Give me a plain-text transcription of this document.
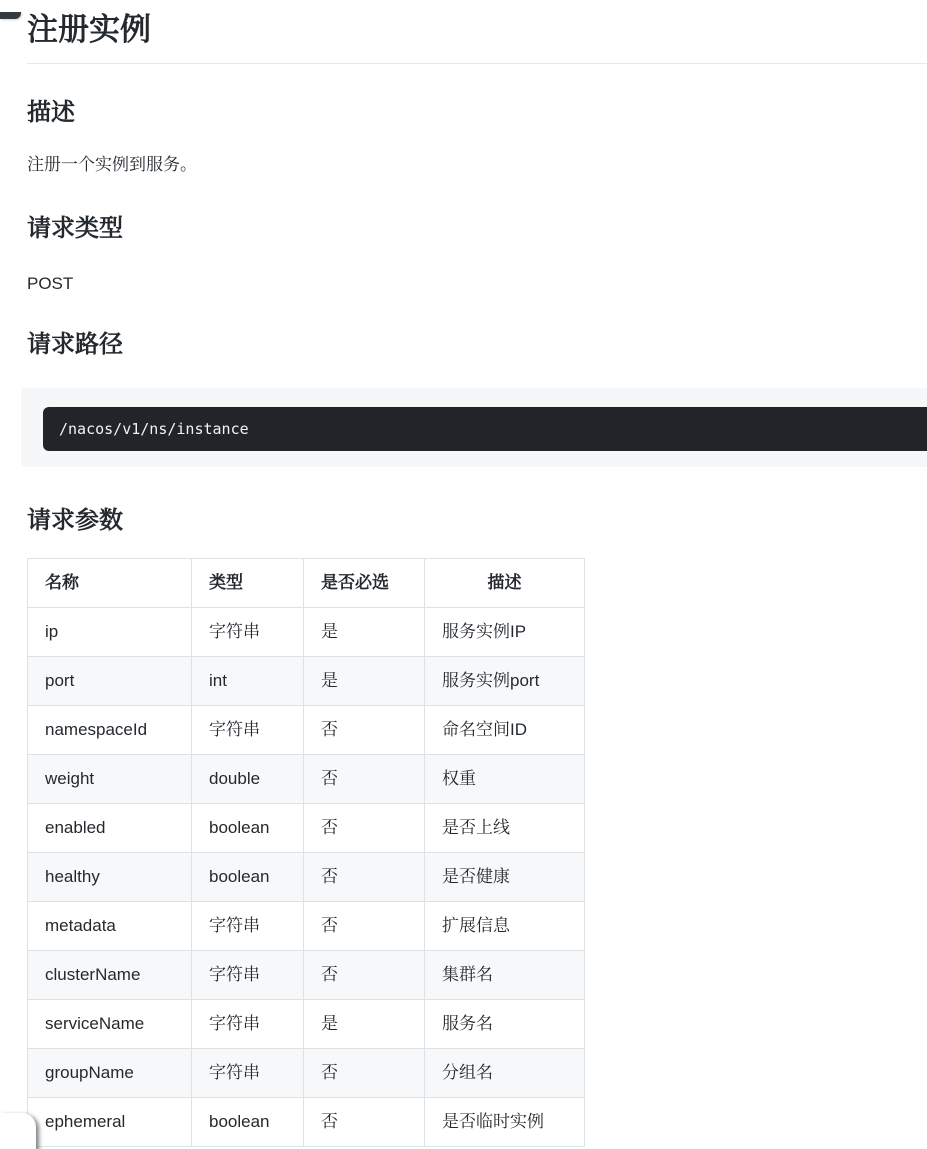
注册实例
描述

注册一个实例到服务。

请求类型

POST

请求路径
/nacos/v1/ns/instance
请求参数
名称	类型	是否必选	描述
ip	字符串	是	服务实例IP
port	int	是	服务实例port
namespaceId	字符串	否	命名空间ID
weight	double	否	权重
enabled	boolean	否	是否上线
healthy	boolean	否	是否健康
metadata	字符串	否	扩展信息
clusterName	字符串	否	集群名
serviceName	字符串	是	服务名
groupName	字符串	否	分组名
ephemeral	boolean	否	是否临时实例
